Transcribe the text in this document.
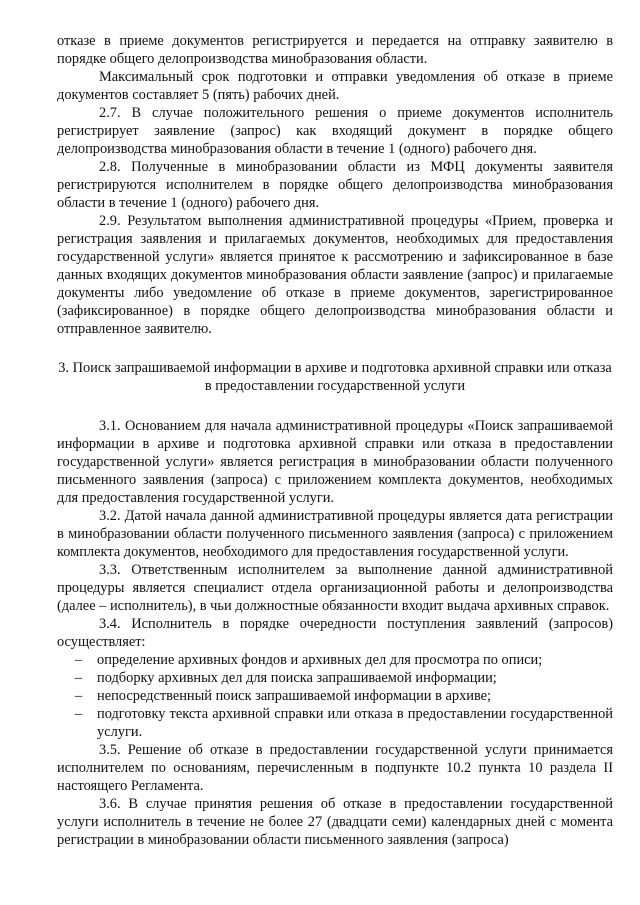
отказе в приеме документов регистрируется и передается на отправку заявителю в порядке общего делопроизводства минобразования области.

Максимальный срок подготовки и отправки уведомления об отказе в приеме документов составляет 5 (пять) рабочих дней.

2.7. В случае положительного решения о приеме документов исполнитель регистрирует заявление (запрос) как входящий документ в порядке общего делопроизводства минобразования области в течение 1 (одного) рабочего дня.

2.8. Полученные в минобразовании области из МФЦ документы заявителя регистрируются исполнителем в порядке общего делопроизводства минобразования области в течение 1 (одного) рабочего дня.

2.9. Результатом выполнения административной процедуры «Прием, проверка и регистрация заявления и прилагаемых документов, необходимых для предоставления государственной услуги» является принятое к рассмотрению и зафиксированное в базе данных входящих документов минобразования области заявление (запрос) и прилагаемые документы либо уведомление об отказе в приеме документов, зарегистрированное (зафиксированное) в порядке общего делопроизводства минобразования области и отправленное заявителю.

3. Поиск запрашиваемой информации в архиве и подготовка архивной справки или отказа в предоставлении государственной услуги

3.1. Основанием для начала административной процедуры «Поиск запрашиваемой информации в архиве и подготовка архивной справки или отказа в предоставлении государственной услуги» является регистрация в минобразовании области полученного письменного заявления (запроса) с приложением комплекта документов, необходимых для предоставления государственной услуги.

3.2. Датой начала данной административной процедуры является дата регистрации в минобразовании области полученного письменного заявления (запроса) с приложением комплекта документов, необходимого для предоставления государственной услуги.

3.3. Ответственным исполнителем за выполнение данной административной процедуры является специалист отдела организационной работы и делопроизводства (далее – исполнитель), в чьи должностные обязанности входит выдача архивных справок.

3.4. Исполнитель в порядке очередности поступления заявлений (запросов) осуществляет:

– определение архивных фондов и архивных дел для просмотра по описи;
– подборку архивных дел для поиска запрашиваемой информации;
– непосредственный поиск запрашиваемой информации в архиве;
– подготовку текста архивной справки или отказа в предоставлении государственной услуги.

3.5. Решение об отказе в предоставлении государственной услуги принимается исполнителем по основаниям, перечисленным в подпункте 10.2 пункта 10 раздела II настоящего Регламента.

3.6. В случае принятия решения об отказе в предоставлении государственной услуги исполнитель в течение не более 27 (двадцати семи) календарных дней с момента регистрации в минобразовании области письменного заявления (запроса)
